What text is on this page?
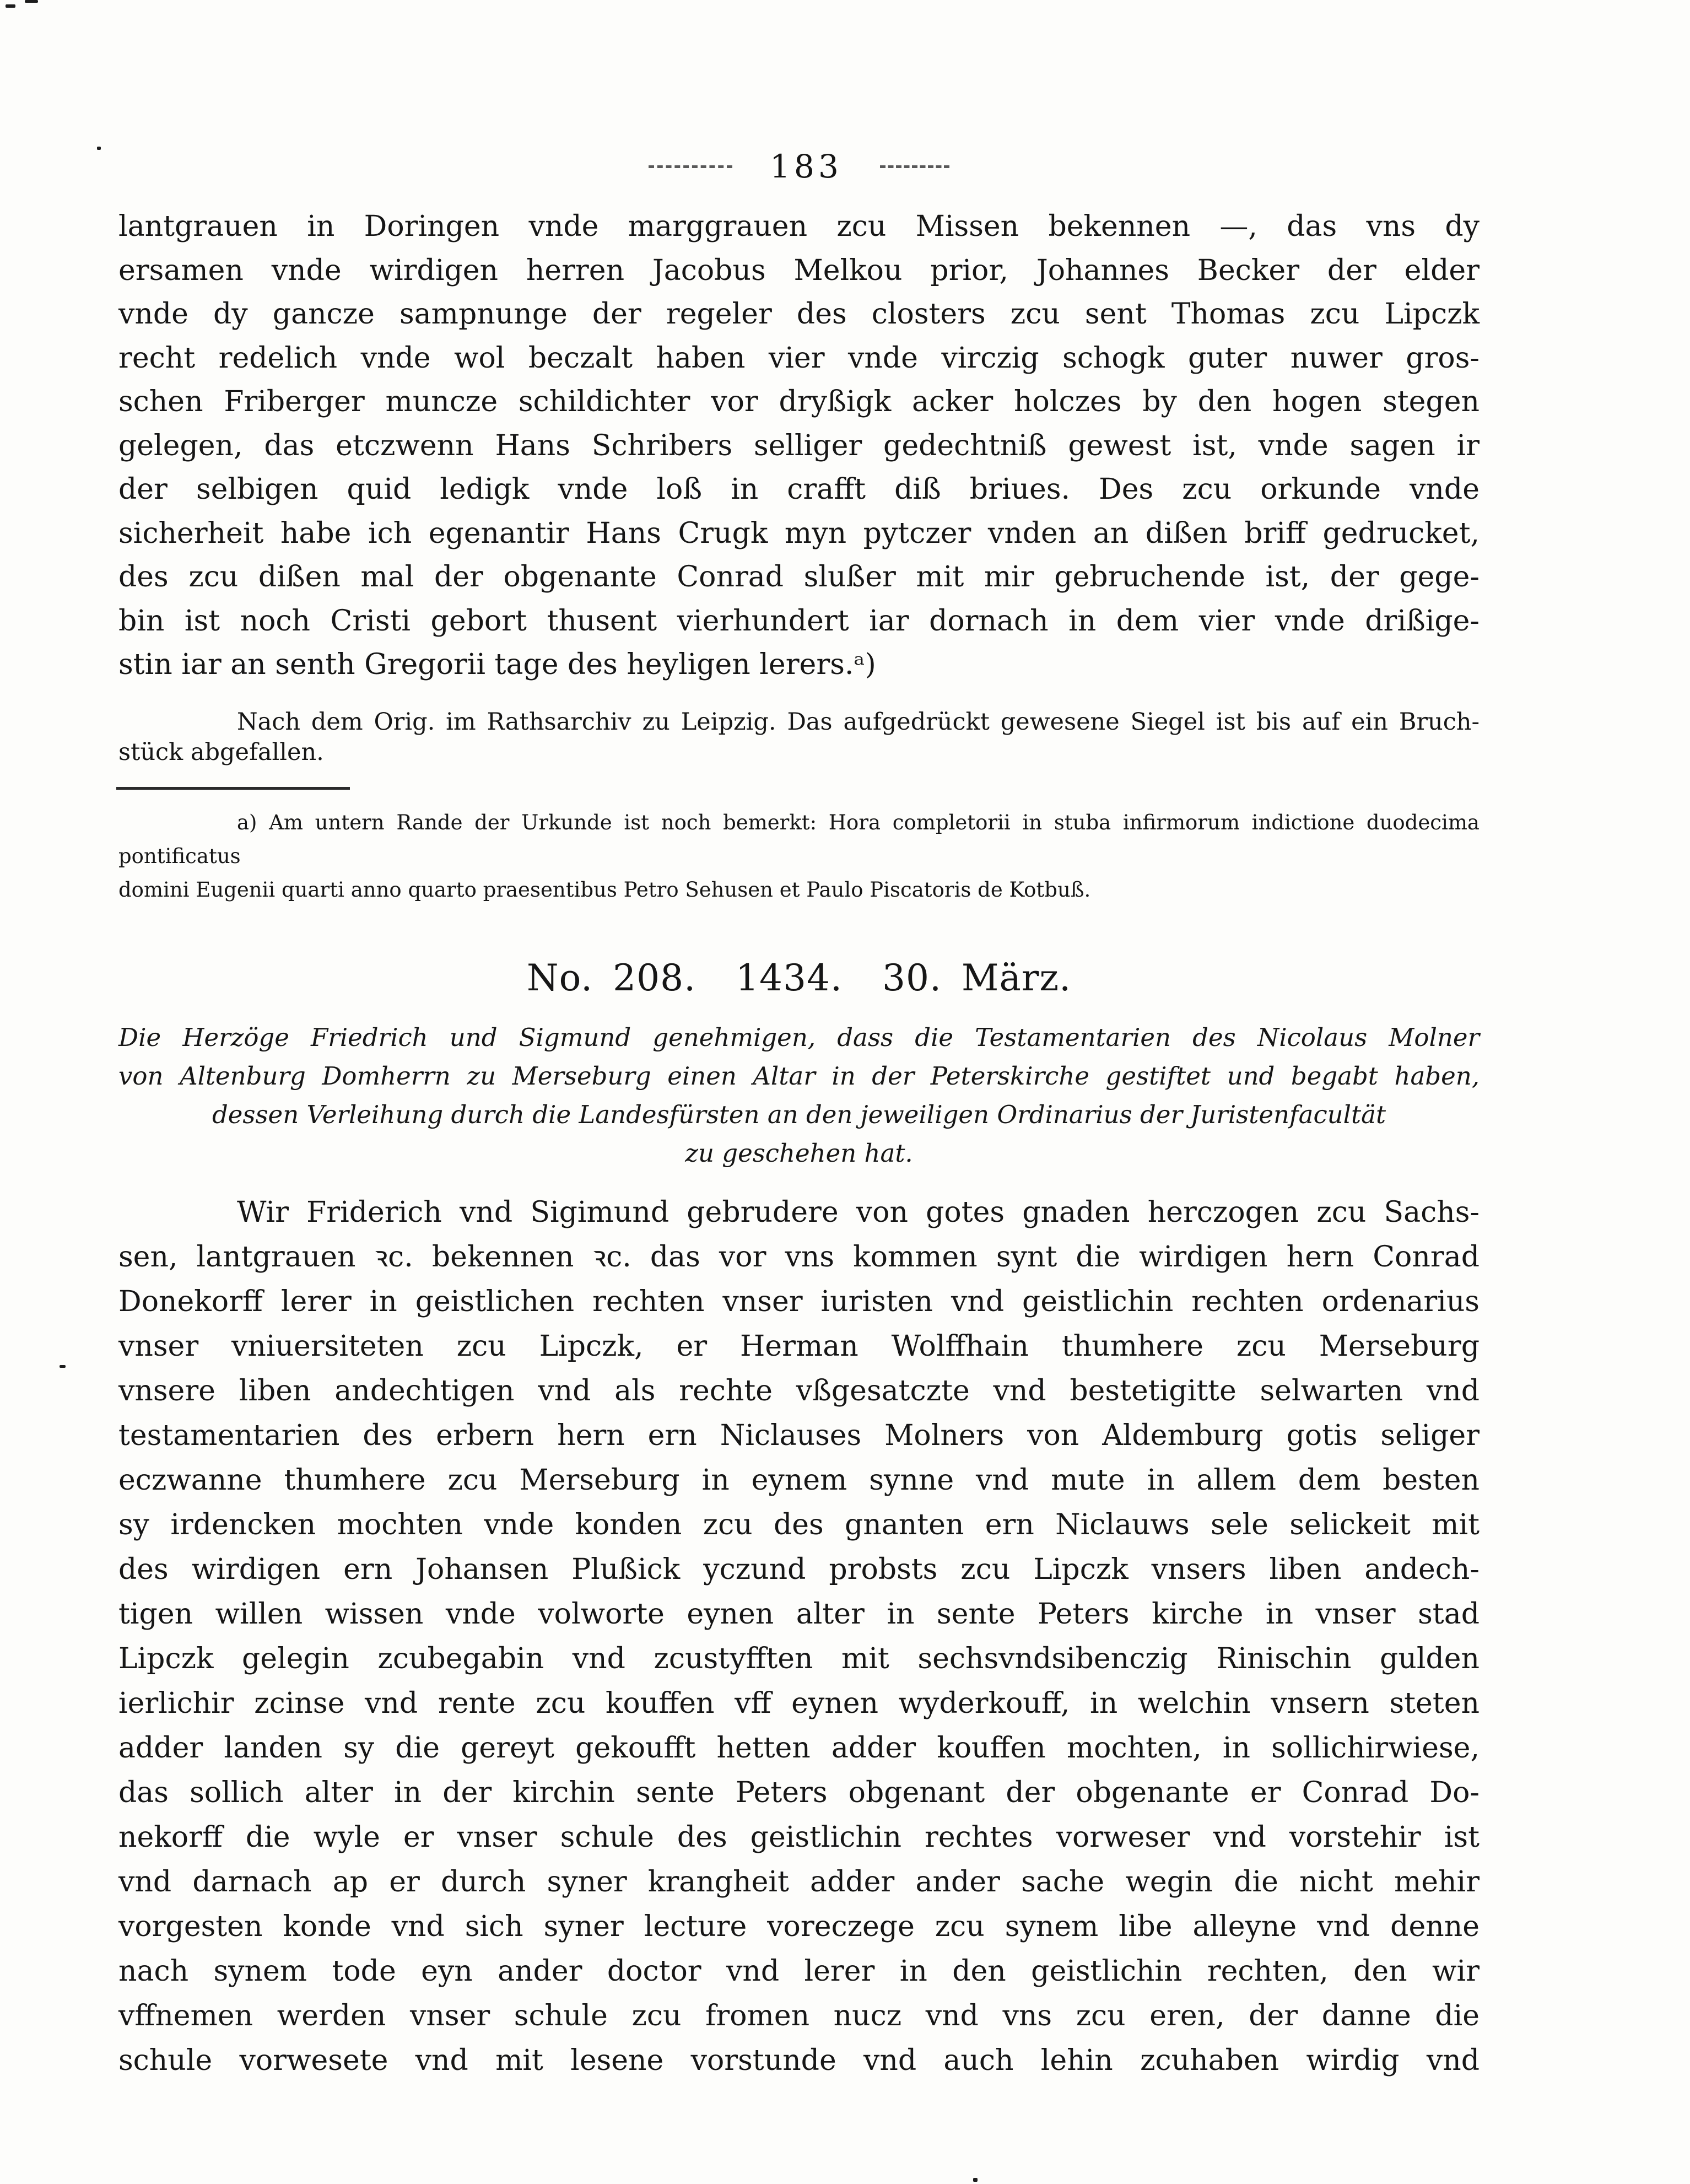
183
lantgrauen in Doringen vnde marggrauen zcu Missen bekennen —, das vns dy
ersamen vnde wirdigen herren Jacobus Melkou prior, Johannes Becker der elder
vnde dy gancze sampnunge der regeler des closters zcu sent Thomas zcu Lipczk
recht redelich vnde wol beczalt haben vier vnde virczig schogk guter nuwer gros-
schen Friberger muncze schildichter vor dryßigk acker holczes by den hogen stegen
gelegen, das etczwenn Hans Schribers selliger gedechtniß gewest ist, vnde sagen ir
der selbigen quid ledigk vnde loß in crafft diß briues. Des zcu orkunde vnde
sicherheit habe ich egenantir Hans Crugk myn pytczer vnden an dißen briff gedrucket,
des zcu dißen mal der obgenante Conrad slußer mit mir gebruchende ist, der gege-
bin ist noch Cristi gebort thusent vierhundert iar dornach in dem vier vnde drißige-
stin iar an senth Gregorii tage des heyligen lerers.ᵃ)
Nach dem Orig. im Rathsarchiv zu Leipzig. Das aufgedrückt gewesene Siegel ist bis auf ein Bruch-
stück abgefallen.
a) Am untern Rande der Urkunde ist noch bemerkt: Hora completorii in stuba infirmorum indictione duodecima pontificatus
domini Eugenii quarti anno quarto praesentibus Petro Sehusen et Paulo Piscatoris de Kotbuß.
No. 208.  1434.  30. März.
Die Herzöge Friedrich und Sigmund genehmigen, dass die Testamentarien des Nicolaus Molner
von Altenburg Domherrn zu Merseburg einen Altar in der Peterskirche gestiftet und begabt haben,
dessen Verleihung durch die Landesfürsten an den jeweiligen Ordinarius der Juristenfacultät
zu geschehen hat.
Wir Friderich vnd Sigimund gebrudere von gotes gnaden herczogen zcu Sachs-
sen, lantgrauen ꝛc. bekennen ꝛc. das vor vns kommen synt die wirdigen hern Conrad
Donekorff lerer in geistlichen rechten vnser iuristen vnd geistlichin rechten ordenarius
vnser vniuersiteten zcu Lipczk, er Herman Wolffhain thumhere zcu Merseburg
vnsere liben andechtigen vnd als rechte vßgesatczte vnd bestetigitte selwarten vnd
testamentarien des erbern hern ern Niclauses Molners von Aldemburg gotis seliger
eczwanne thumhere zcu Merseburg in eynem synne vnd mute in allem dem besten
sy irdencken mochten vnde konden zcu des gnanten ern Niclauws sele selickeit mit
des wirdigen ern Johansen Plußick yczund probsts zcu Lipczk vnsers liben andech-
tigen willen wissen vnde volworte eynen alter in sente Peters kirche in vnser stad
Lipczk gelegin zcubegabin vnd zcustyfften mit sechsvndsibenczig Rinischin gulden
ierlichir zcinse vnd rente zcu kouffen vff eynen wyderkouff, in welchin vnsern steten
adder landen sy die gereyt gekoufft hetten adder kouffen mochten, in sollichirwiese,
das sollich alter in der kirchin sente Peters obgenant der obgenante er Conrad Do-
nekorff die wyle er vnser schule des geistlichin rechtes vorweser vnd vorstehir ist
vnd darnach ap er durch syner krangheit adder ander sache wegin die nicht mehir
vorgesten konde vnd sich syner lecture voreczege zcu synem libe alleyne vnd denne
nach synem tode eyn ander doctor vnd lerer in den geistlichin rechten, den wir
vffnemen werden vnser schule zcu fromen nucz vnd vns zcu eren, der danne die
schule vorwesete vnd mit lesene vorstunde vnd auch lehin zcuhaben wirdig vnd
